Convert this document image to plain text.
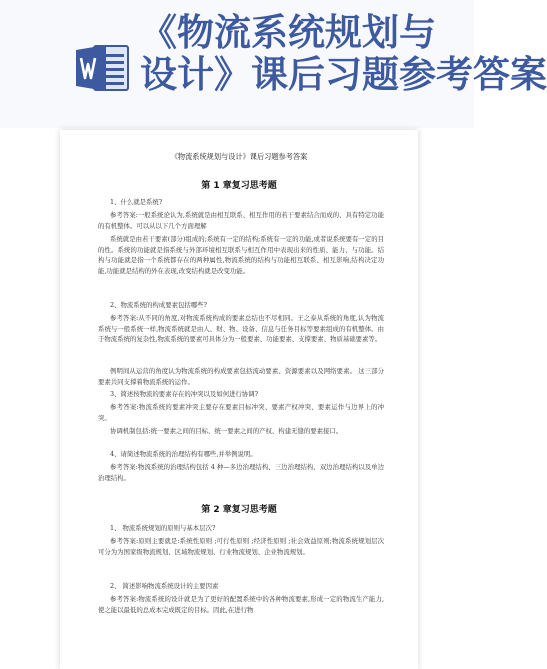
《物流系统规划与
设计》课后习题参考答案
《物流系统规划与设计》课后习题参考答案
第 1 章复习思考题
1、什么就是系统?
参考答案:一般系统论认为,系统就是由相互联系、相互作用的若干要素结合而成的、具有特定功能的有机整体。可以从以下几个方面理解
系统就是由若干要素(部分)组成的;系统有一定的结构;系统有一定的功能,或者说系统要有一定的目的性。系统的功能就是指系统与外部环境相互联系与相互作用中表现出来的性质、能力、与功能。结构与功能就是指一个系统都存在的两种属性,物流系统的结构与功能相互联系、相互影响,结构决定功能,功能就是结构的外在表现,改变结构就是改变功能。
2、物流系统的构成要素包括哪些?
参考答案:从不同的角度,对物流系统构成的要素总结也不尽相同。王之泰从系统的角度,认为物流系统与一般系统一样,物流系统就是由人、财、物、设备、信息与任务目标等要素组成的有机整体。由于物流系统的复杂性,物流系统的要素可具体分为一般要素、功能要素、支撑要素、物质基础要素等。
例明间从运营的角度认为物流系统的构成要素包括流动要素、资源要素以及网络要素。 这三部分要素共同支撑着物流系统的运作。
3、简述按物流的要素存在的冲突以及如何进行协调?
参考答案:物流系统的要素冲突主要存在要素目标冲突、要素产权冲突、要素运作与边界上的冲突。
协调机制包括:统一要素之间的目标、统一要素之间的产权、构建无缝的要素接口。
4、请简述物流系统的治理结构有哪些,并举例说明。
参考答案:物流系统的治理结构包括 4 种—多边治理结构、三边治理结构、双边治理结构以及单边治理结构。
第 2 章复习思考题
1、 物流系统规划的原则与基本层次?
参考答案:原则主要就是:系统性原则 ;可行性原则 ;经济性原则 ;社会效益原则;物流系统规划层次可分为为国家级物流规划、区域物流规划、行业物流规划、企业物流规划。
2、 简述影响物流系统设计的主要因素
参考答案:物流系统的设计就是为了更好的配置系统中的各种物流要素,形成一定的物流生产能力,使之能以最低的总成本完成既定的目标。因此,在进行物
